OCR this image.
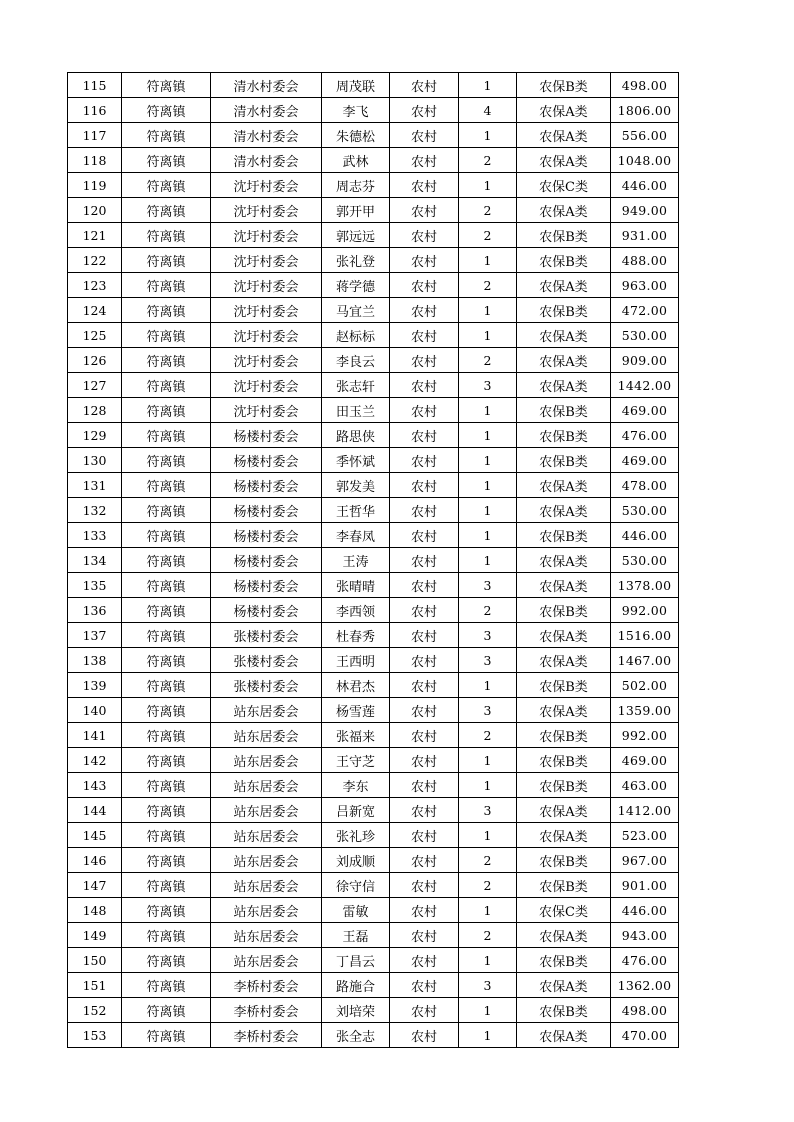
115	符离镇	清水村委会	周茂联	农村	1	农保B类	498.00
116	符离镇	清水村委会	李飞	农村	4	农保A类	1806.00
117	符离镇	清水村委会	朱德松	农村	1	农保A类	556.00
118	符离镇	清水村委会	武林	农村	2	农保A类	1048.00
119	符离镇	沈圩村委会	周志芬	农村	1	农保C类	446.00
120	符离镇	沈圩村委会	郭开甲	农村	2	农保A类	949.00
121	符离镇	沈圩村委会	郭远远	农村	2	农保B类	931.00
122	符离镇	沈圩村委会	张礼登	农村	1	农保B类	488.00
123	符离镇	沈圩村委会	蒋学德	农村	2	农保A类	963.00
124	符离镇	沈圩村委会	马宜兰	农村	1	农保B类	472.00
125	符离镇	沈圩村委会	赵标标	农村	1	农保A类	530.00
126	符离镇	沈圩村委会	李良云	农村	2	农保A类	909.00
127	符离镇	沈圩村委会	张志轩	农村	3	农保A类	1442.00
128	符离镇	沈圩村委会	田玉兰	农村	1	农保B类	469.00
129	符离镇	杨楼村委会	路思侠	农村	1	农保B类	476.00
130	符离镇	杨楼村委会	季怀斌	农村	1	农保B类	469.00
131	符离镇	杨楼村委会	郭发美	农村	1	农保A类	478.00
132	符离镇	杨楼村委会	王哲华	农村	1	农保A类	530.00
133	符离镇	杨楼村委会	李春凤	农村	1	农保B类	446.00
134	符离镇	杨楼村委会	王涛	农村	1	农保A类	530.00
135	符离镇	杨楼村委会	张晴晴	农村	3	农保A类	1378.00
136	符离镇	杨楼村委会	李西领	农村	2	农保B类	992.00
137	符离镇	张楼村委会	杜春秀	农村	3	农保A类	1516.00
138	符离镇	张楼村委会	王西明	农村	3	农保A类	1467.00
139	符离镇	张楼村委会	林君杰	农村	1	农保B类	502.00
140	符离镇	站东居委会	杨雪莲	农村	3	农保A类	1359.00
141	符离镇	站东居委会	张福来	农村	2	农保B类	992.00
142	符离镇	站东居委会	王守芝	农村	1	农保B类	469.00
143	符离镇	站东居委会	李东	农村	1	农保B类	463.00
144	符离镇	站东居委会	吕新宽	农村	3	农保A类	1412.00
145	符离镇	站东居委会	张礼珍	农村	1	农保A类	523.00
146	符离镇	站东居委会	刘成顺	农村	2	农保B类	967.00
147	符离镇	站东居委会	徐守信	农村	2	农保B类	901.00
148	符离镇	站东居委会	雷敏	农村	1	农保C类	446.00
149	符离镇	站东居委会	王磊	农村	2	农保A类	943.00
150	符离镇	站东居委会	丁昌云	农村	1	农保B类	476.00
151	符离镇	李桥村委会	路施合	农村	3	农保A类	1362.00
152	符离镇	李桥村委会	刘培荣	农村	1	农保B类	498.00
153	符离镇	李桥村委会	张全志	农村	1	农保A类	470.00
